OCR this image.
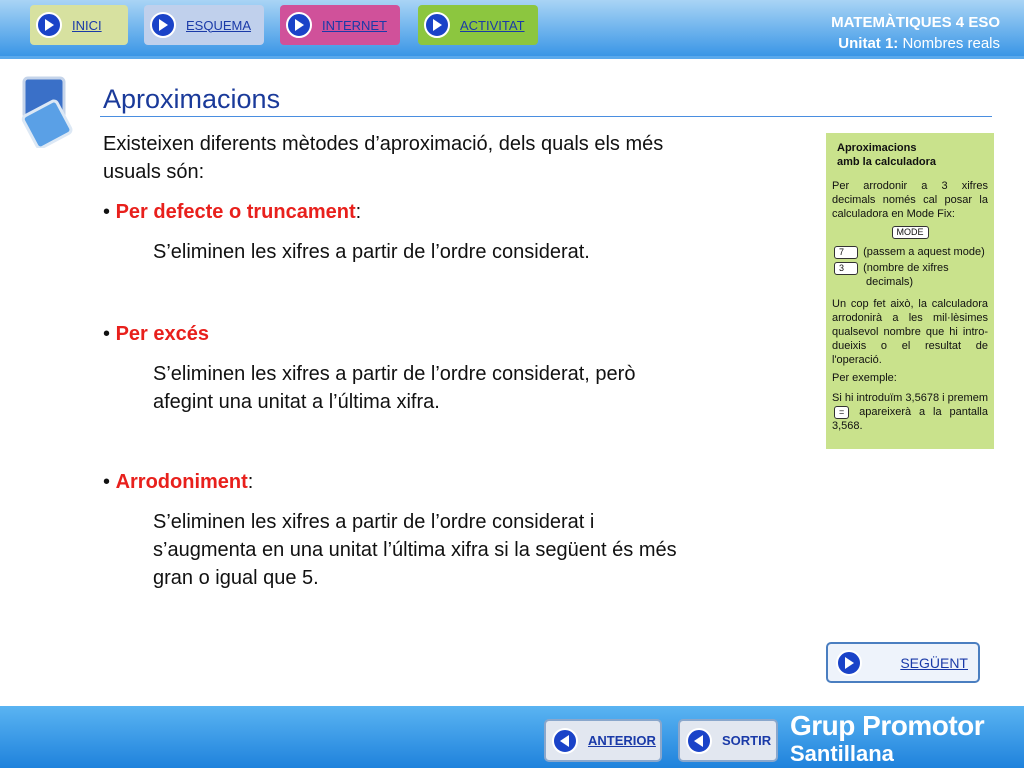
INICI	ESQUEMA	INTERNET	ACTIVITAT	MATEMÀTIQUES 4 ESO
Unitat 1: Nombres reals
Aproximacions

Existeixen diferents mètodes d’aproximació, dels quals els més usuals són:

• Per defecte o truncament:

S’eliminen les xifres a partir de l’ordre considerat.

• Per excés

S’eliminen les xifres a partir de l’ordre considerat, però afegint una unitat a l’última xifra.

• Arrodoniment:

S’eliminen les xifres a partir de l’ordre considerat i s’augmenta en una unitat l’última xifra si la següent és més gran o igual que 5.

Aproximacions
amb la calculadora
Per arrodonir a 3 xifres decimals només cal posar la calculadora en Mode Fix:
MODE
7 (passem a aquest mode)
3 (nombre de xifres
decimals)
Un cop fet això, la calculadora arrodonirà a les mil·lèsimes qualsevol nombre que hi intro-dueixis o el resultat de l'operació.
Per exemple:
Si hi introduïm 3,5678 i premem = apareixerà a la pantalla 3,568.
SEGÜENT
ANTERIOR	SORTIR Grup Promotor
Santillana
